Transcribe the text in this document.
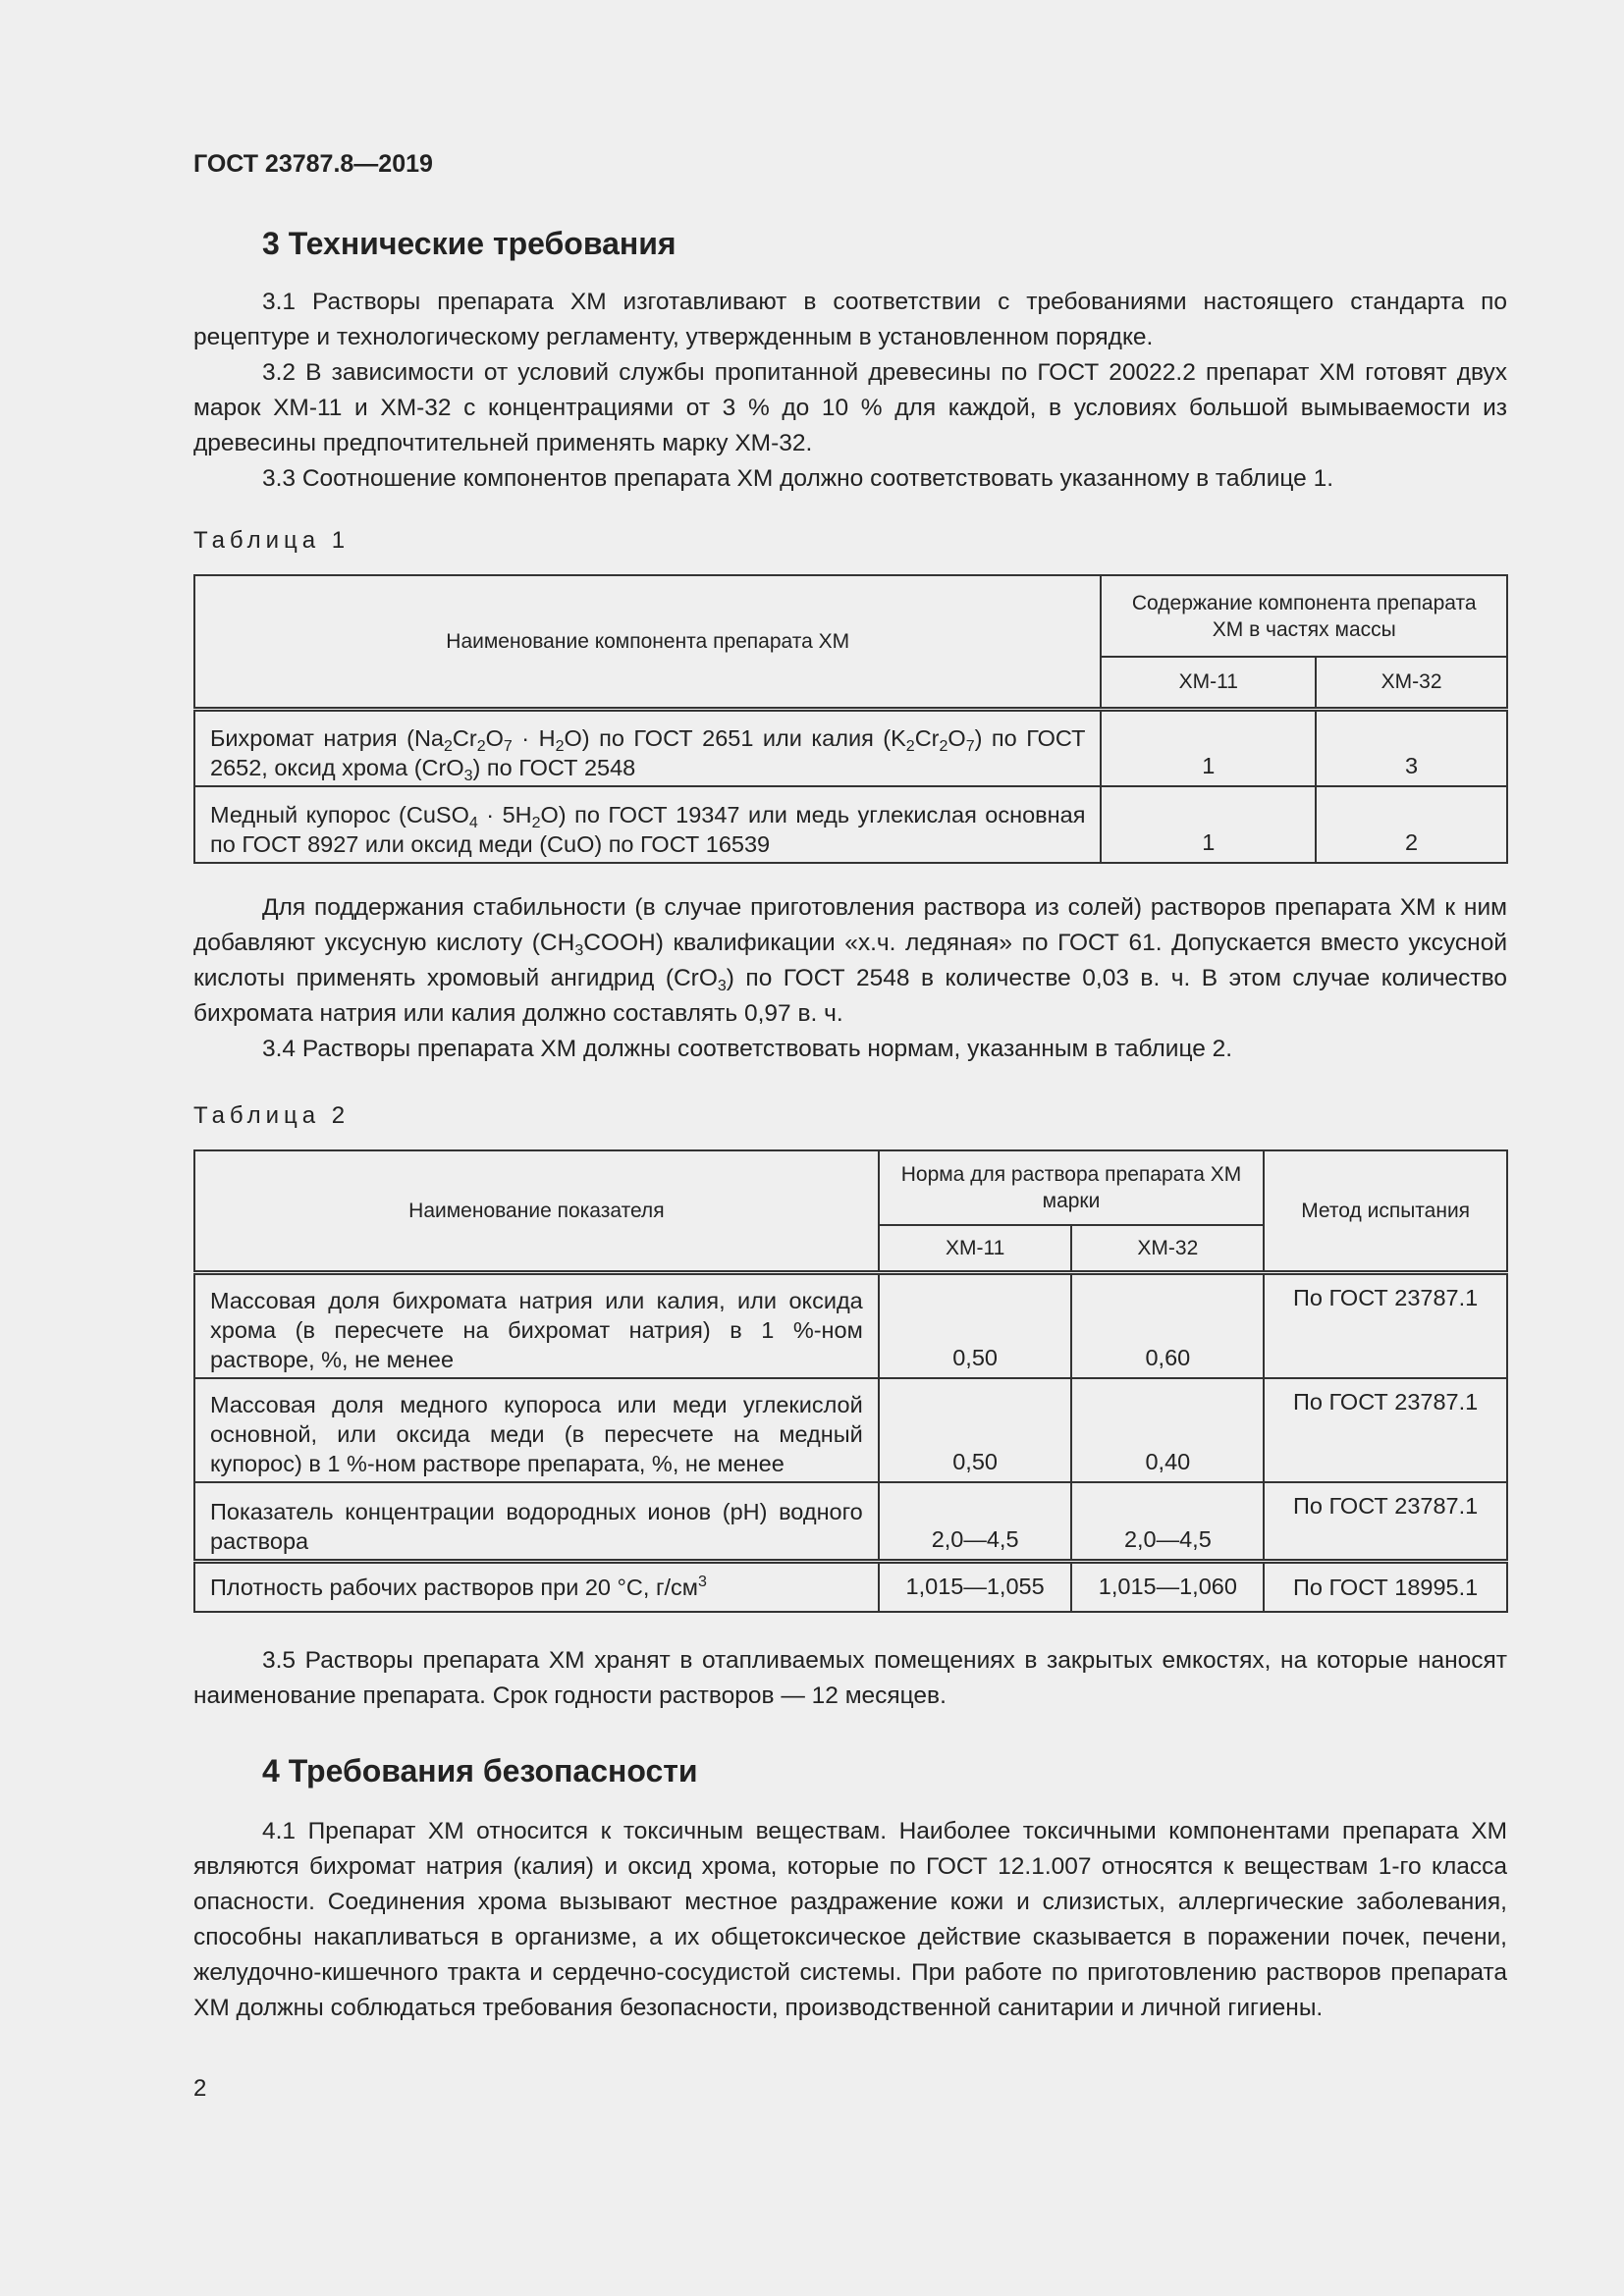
ГОСТ 23787.8—2019
3 Технические требования

3.1 Растворы препарата ХМ изготавливают в соответствии с требованиями настоящего стандарта по рецептуре и технологическому регламенту, утвержденным в установленном порядке.

3.2 В зависимости от условий службы пропитанной древесины по ГОСТ 20022.2 препарат ХМ готовят двух марок ХМ-11 и ХМ-32 с концентрациями от 3 % до 10 % для каждой, в условиях большой вымываемости из древесины предпочтительней применять марку ХМ-32.

3.3 Соотношение компонентов препарата ХМ должно соответствовать указанному в таблице 1.

Таблица 1
Наименование компонента препарата ХМ	Содержание компонента препарата ХМ в частях массы	
	ХМ-11	ХМ-32
Бихромат натрия $(Na_2Cr_2O_7 \cdot H_2O)$ по ГОСТ 2651 или калия $(K_2Cr_2O_7)$ по ГОСТ 2652, оксид хрома (CrO$_3$) по ГОСТ 2548	1	3
Медный купорос (CuSO$_4$ · $5H_2O$) по ГОСТ 19347 или медь углекислая основная по ГОСТ 8927 или оксид меди (CuO) по ГОСТ 16539	1	2

Для поддержания стабильности (в случае приготовления раствора из солей) растворов препарата ХМ к ним добавляют уксусную кислоту $(CH_3COOH)$ квалификации «х.ч. ледяная» по ГОСТ 61. Допускается вместо уксусной кислоты применять хромовый ангидрид (CrO$_3$) по ГОСТ 2548 в количестве 0,03 в. ч. В этом случае количество бихромата натрия или калия должно составлять 0,97 в. ч.

3.4 Растворы препарата ХМ должны соответствовать нормам, указанным в таблице 2.

Таблица 2
Наименование показателя	Норма для раствора препарата ХМ марки		Метод испытания
	ХМ-11	ХМ-32	
Массовая доля бихромата натрия или калия, или оксида хрома (в пересчете на бихромат натрия) в 1 %-ном растворе, %, не менее	0,50	0,60	По ГОСТ 23787.1
Массовая доля медного купороса или меди углекислой основной, или оксида меди (в пересчете на медный купорос) в 1 %-ном растворе препарата, %, не менее	0,50	0,40	По ГОСТ 23787.1
Показатель концентрации водородных ионов (pH) водного раствора	2,0—4,5	2,0—4,5	По ГОСТ 23787.1
Плотность рабочих растворов при 20 °С, $г/см^3$	1,015—1,055	1,015—1,060	По ГОСТ 18995.1

3.5 Растворы препарата ХМ хранят в отапливаемых помещениях в закрытых емкостях, на которые наносят наименование препарата. Срок годности растворов — 12 месяцев.

4 Требования безопасности

4.1 Препарат ХМ относится к токсичным веществам. Наиболее токсичными компонентами препарата ХМ являются бихромат натрия (калия) и оксид хрома, которые по ГОСТ 12.1.007 относятся к веществам 1-го класса опасности. Соединения хрома вызывают местное раздражение кожи и слизистых, аллергические заболевания, способны накапливаться в организме, а их общетоксическое действие сказывается в поражении почек, печени, желудочно-кишечного тракта и сердечно-сосудистой системы. При работе по приготовлению растворов препарата ХМ должны соблюдаться требования безопасности, производственной санитарии и личной гигиены.

2
